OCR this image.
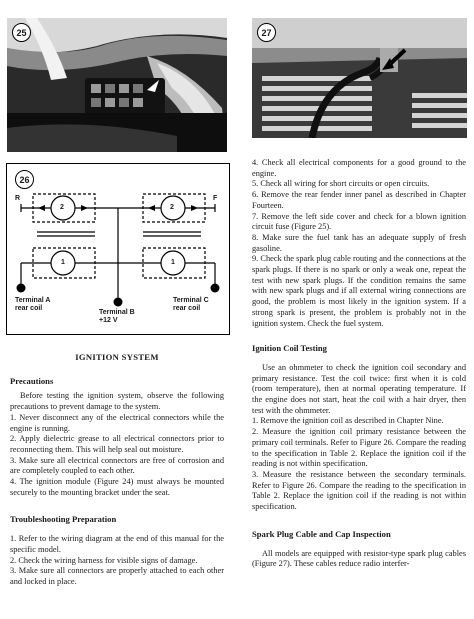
25	27
26
R	F
2	2
1	1
Terminal A
rear coil
Terminal B
+12 V
Terminal C
rear coil

IGNITION SYSTEM

Precautions

Before testing the ignition system, observe the following precautions to prevent damage to the system.

1. Never disconnect any of the electrical connectors while the engine is running.

2. Apply dielectric grease to all electrical connectors prior to reconnecting them. This will help seal out moisture.

3. Make sure all electrical connectors are free of corrosion and are completely coupled to each other.

4. The ignition module (Figure 24) must always be mounted securely to the mounting bracket under the seat.

Troubleshooting Preparation

1. Refer to the wiring diagram at the end of this manual for the specific model.

2. Check the wiring harness for visible signs of damage.

3. Make sure all connectors are properly attached to each other and locked in place.

4. Check all electrical components for a good ground to the engine.

5. Check all wiring for short circuits or open circuits.

6. Remove the rear fender inner panel as described in Chapter Fourteen.

7. Remove the left side cover and check for a blown ignition circuit fuse (Figure 25).

8. Make sure the fuel tank has an adequate supply of fresh gasoline.

9. Check the spark plug cable routing and the connections at the spark plugs. If there is no spark or only a weak one, repeat the test with new spark plugs. If the condition remains the same with new spark plugs and if all external wiring connections are good, the problem is most likely in the ignition system. If a strong spark is present, the problem is probably not in the ignition system. Check the fuel system.

Ignition Coil Testing

Use an ohmmeter to check the ignition coil secondary and primary resistance. Test the coil twice: first when it is cold (room temperature), then at normal operating temperature. If the engine does not start, heat the coil with a hair dryer, then test with the ohmmeter.

1. Remove the ignition coil as described in Chapter Nine.

2. Measure the ignition coil primary resistance between the primary coil terminals. Refer to Figure 26. Compare the reading to the specification in Table 2. Replace the ignition coil if the reading is not within specification.

3. Measure the resistance between the secondary terminals. Refer to Figure 26. Compare the reading to the specification in Table 2. Replace the ignition coil if the reading is not within specification.

Spark Plug Cable and Cap Inspection

All models are equipped with resistor-type spark plug cables (Figure 27). These cables reduce radio interfer-
